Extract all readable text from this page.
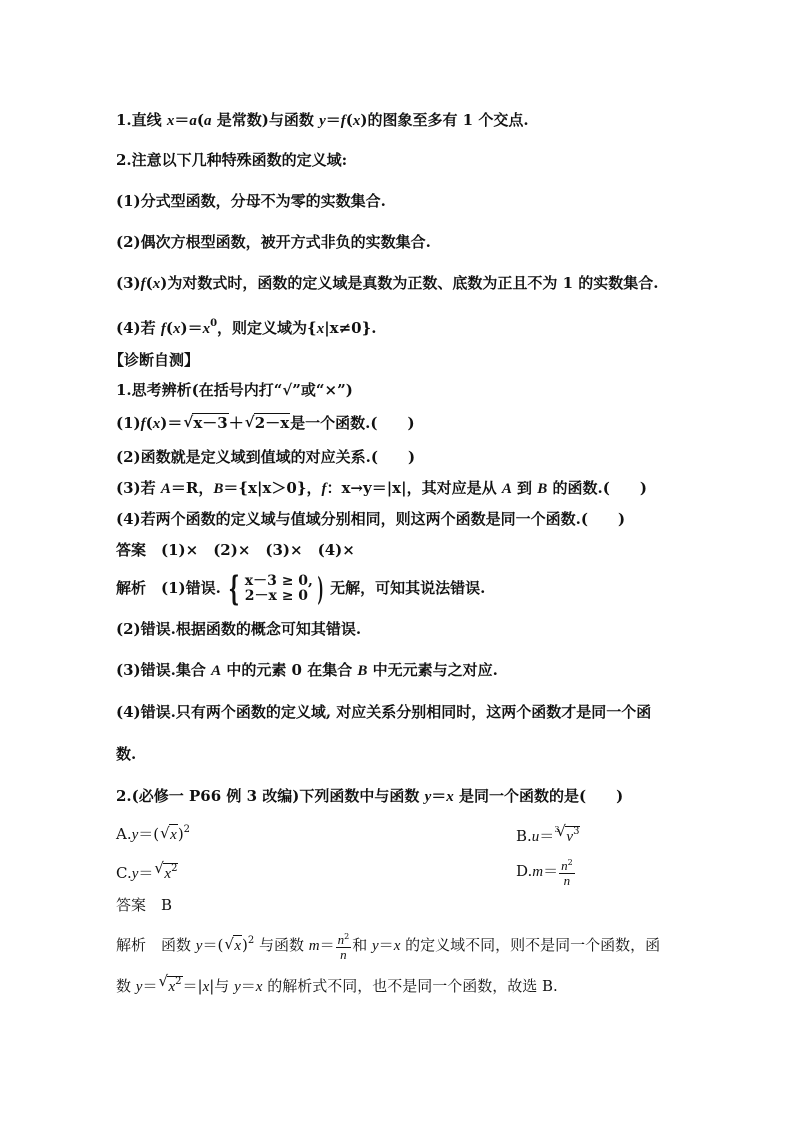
1.直线 x＝a(a 是常数)与函数 y＝f(x)的图象至多有 1 个交点.
2.注意以下几种特殊函数的定义域:
(1)分式型函数，分母不为零的实数集合.
(2)偶次方根型函数，被开方式非负的实数集合.
(3)f(x)为对数式时，函数的定义域是真数为正数、底数为正且不为 1 的实数集合.
(4)若 $f(x)=x^0$，则定义域为{x|x≠0}.
【诊断自测】
1.思考辨析(在括号内打“√”或“×”)
(1)f(x)＝ √ x－3＋ √ 2－x是一个函数.(　　)
(2)函数就是定义域到值域的对应关系.(　　)
(3)若 A＝R，B＝{x|x＞0}，f：x→y＝|x|，其对应是从 A 到 B 的函数.(　　)
(4)若两个函数的定义域与值域分别相同，则这两个函数是同一个函数.(　　)
答案　(1)×　(2)×　(3)×　(4)×
解析　(1)错误. { x－3 ≥ 0,
2－x ≥ 0 ) 无解，可知其说法错误.
(2)错误.根据函数的概念可知其错误.
(3)错误.集合 A 中的元素 0 在集合 B 中无元素与之对应.
(4)错误.只有两个函数的定义域, 对应关系分别相同时，这两个函数才是同一个函
数.
2.(必修一 P66 例 3 改编)下列函数中与函数 y＝x 是同一个函数的是(　　)
A.y＝( √ x)$^2$	B.u＝$^3$ √ $v^3$
C.y＝ √ $x^2$	$D.m= \frac{n^2}{n}$
答案　B
解析　函数 y＝( √ x)$^2$ 与函数 $m= \frac{n^2}{n}$ 和 y＝x 的定义域不同，则不是同一个函数，函
数 y＝ √ $x^2=|x|$与 y＝x 的解析式不同，也不是同一个函数，故选 B.
